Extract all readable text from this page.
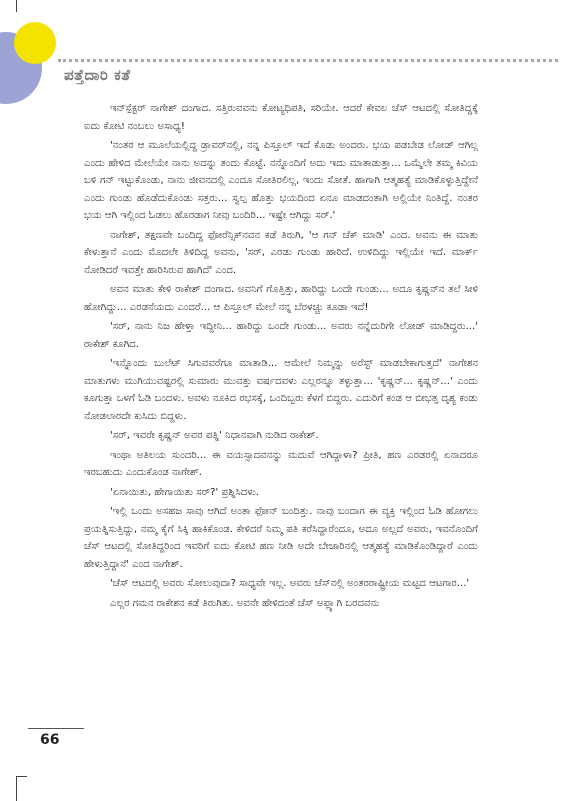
ಪತ್ತೆದಾರಿ ಕತೆ

ಇನ್‌ಸ್ಪೆಕ್ಟರ್ ನಾಗೇಶ್ ದಂಗಾದ. ಸತ್ತಿರುವವನು ಕೋಟ್ಯಧಿಪತಿ, ಸರಿಯೇ. ಆದರೆ ಕೇವಲ ಚೆಸ್ ಆಟದಲ್ಲಿ ಸೋತಿದ್ದಕ್ಕೆ ಐದು ಕೋಟಿ ನಂಬಲು ಅಸಾಧ್ಯ!

'ನಂತರ ಆ ಮೂಲೆಯಲ್ಲಿದ್ದ ಡ್ರಾವರ್‌ನಲ್ಲಿ, ನನ್ನ ಪಿಸ್ತೂಲ್ ಇದೆ ಕೊಡು ಅಂದರು. ಭಯ ಪಡಬೇಡ ಲೋಡ್ ಆಗಿಲ್ಲ ಎಂದು ಹೇಳಿದ ಮೇಲೆಯೇ ನಾನು ಅದನ್ನು ತಂದು ಕೊಟ್ಟೆ. ನನ್ನೊಂದಿಗೆ ಅದು ಇದು ಮಾತಾಡುತ್ತಾ... ಒಮ್ಮೆಲೇ ತಮ್ಮ ಕಿವಿಯ ಬಳಿ ಗನ್ ಇಟ್ಟುಕೊಂಡು, ನಾನು ಜೀವನದಲ್ಲಿ ಎಂದೂ ಸೋತಿರಲಿಲ್ಲ, ಇಂದು ಸೋತೆ. ಹಾಗಾಗಿ ಆತ್ಮಹತ್ಯೆ ಮಾಡಿಕೊಳ್ಳುತ್ತಿದ್ದೇನೆ ಎಂದು ಗುಂಡು ಹೊಡೆದುಕೊಂಡು ಸತ್ತರು... ಸ್ವಲ್ಪ ಹೊತ್ತು ಭಯದಿಂದ ಏನೂ ಮಾಡದಂತಾಗಿ ಅಲ್ಲಿಯೇ ನಿಂತಿದ್ದೆ. ನಂತರ ಭಯ ಆಗಿ ಇಲ್ಲಿಂದ ಓಡಲು ಹೊರಡಾಗ ನೀವು ಬಂದಿರಿ... ಇಷ್ಟೇ ಆಗಿದ್ದು ಸರ್.'

ನಾಗೇಶ್, ತಕ್ಷಣವೇ ಬಂದಿದ್ದ ಫೋರೆನ್ಸಿಕ್‌ನವನ ಕಡೆ ತಿರುಗಿ, 'ಆ ಗನ್ ಚೆಕ್ ಮಾಡಿ' ಎಂದ. ಅವನು ಈ ಮಾತು ಕೇಳುತ್ತಾನೆ ಎಂದು ಮೊದಲೇ ತಿಳಿದಿದ್ದ ಅವನು, 'ಸರ್, ಎರಡು ಗುಂಡು ಹಾರಿದೆ. ಉಳಿದಿದ್ದು ಇಲ್ಲಿಯೇ ಇದೆ. ಮಾರ್ಕ್ ನೋಡಿದರೆ ಇವತ್ತೇ ಹಾರಿಸಿರುವ ಹಾಗಿದೆ' ಎಂದ.

ಅವನ ಮಾತು ಕೇಳಿ ರಾಕೇಶ್ ದಂಗಾದ. ಅವನಿಗೆ ಗೊತ್ತಿತ್ತು, ಹಾರಿದ್ದು ಒಂದೇ ಗುಂಡು... ಅದೂ ಕೃಷ್ಣನ್‌ನ ತಲೆ ಸೀಳಿ ಹೋಗಿದ್ದು... ಎರಡನೆಯದು ಎಂದರೆ... ಆ ಪಿಸ್ತೂಲ್ ಮೇಲೆ ನನ್ನ ಬೆರಳಚ್ಚು ಕೂಡಾ ಇದೆ!

'ಸರ್, ನಾನು ನಿಜ ಹೇಳ್ತಾ ಇದ್ದೀನಿ... ಹಾರಿದ್ದು ಒಂದೇ ಗುಂಡು... ಅವರು ನನ್ನೆದುರಿಗೇ ಲೋಡ್ ಮಾಡಿದ್ದರು...' ರಾಕೇಶ್ ಕೂಗಿದ.

'ಇನ್ನೊಂದು ಬುಲೆಟ್ ಸಿಗುವವರೆಗೂ ಮಾತಾಡಿ... ಆಮೇಲೆ ನಿಮ್ಮನ್ನು ಅರೆಸ್ಟ್ ಮಾಡಬೇಕಾಗುತ್ತದೆ' ನಾಗೇಶನ ಮಾತುಗಳು ಮುಗಿಯುವಷ್ಟರಲ್ಲಿ ಸುಮಾರು ಮುವತ್ತು ವರ್ಷದವಳು ಎಲ್ಲರನ್ನೂ ತಳ್ಳುತ್ತಾ... 'ಕೃಷ್ಣನ್... ಕೃಷ್ಣನ್...' ಎಂದು ಕೂಗುತ್ತಾ ಒಳಗೆ ಓಡಿ ಬಂದಳು. ಅವಳು ನೂಕಿದ ರಭಸಕ್ಕೆ, ಒಂದಿಬ್ಬರು ಕೆಳಗೆ ಬಿದ್ದರು. ಎದುರಿಗೆ ಕಂಡ ಆ ಬೀಭತ್ಸ ದೃಶ್ಯ ಕಂಡು ನೋಡಲಾರದೇ ಕುಸಿದು ಬಿದ್ದಳು.

'ಸರ್, ಇವರೇ ಕೃಷ್ಣನ್ ಅವರ ಪತ್ನಿ' ನಿಧಾನವಾಗಿ ನುಡಿದ ರಾಕೇಶ್.

ಇಂಥಾ ಅತಿಲಯ ಸುಂದರಿ... ಈ ವಯಸ್ಸಾದವನನ್ನು ಮದುವೆ ಆಗಿದ್ದಾಳಾ? ಪ್ರೀತಿ, ಹಣ ಎರಡರಲ್ಲಿ ಏನಾದರೂ ಇರಬಹುದು ಎಂದುಕೊಂಡ ನಾಗೇಶ್.

'ಏನಾಯಿತು, ಹೇಗಾಯಿತು ಸರ್?' ಪ್ರಶ್ನಿಸಿದಳು.

'ಇಲ್ಲಿ ಒಂದು ಅಸಹಜ ಸಾವು ಆಗಿದೆ ಅಂತಾ ಫೋನ್ ಬಂದಿತ್ತು. ನಾವು ಬಂದಾಗ ಈ ವ್ಯಕ್ತಿ ಇಲ್ಲಿಂದ ಓಡಿ ಹೋಗಲು ಪ್ರಯತ್ನಿಸುತ್ತಿದ್ದು, ನಮ್ಮ ಕೈಗೆ ಸಿಕ್ಕಿ ಹಾಕಿಕೊಂಡ. ಕೇಳಿದರೆ ನಿಮ್ಮ ಪತಿ ಕರೆಸಿದ್ದಾರೆಂದೂ, ಅದೂ ಅಲ್ಲದೆ ಅವರು, ಇವನೊಂದಿಗೆ ಚೆಸ್ ಆಟದಲ್ಲಿ ಸೋತಿದ್ದರಿಂದ ಇವರಿಗೆ ಐದು ಕೋಟಿ ಹಣ ನೀಡಿ ಅದೇ ಬೇಜಾರಿನಲ್ಲಿ ಆತ್ಮಹತ್ಯೆ ಮಾಡಿಕೊಂಡಿದ್ದಾರೆ ಎಂದು ಹೇಳುತ್ತಿದ್ದಾನೆ' ಎಂದ ನಾಗೇಶ್.

'ಚೆಸ್ ಆಟದಲ್ಲಿ ಅವರು ಸೋಲುವುದಾ? ಸಾಧ್ಯವೇ ಇಲ್ಲ. ಅವರು ಚೆಸ್‌ನಲ್ಲಿ ಅಂತರರಾಷ್ಟ್ರೀಯ ಮಟ್ಟದ ಆಟಗಾರ...'

ಎಲ್ಲರ ಗಮನ ರಾಕೇಶನ ಕಡೆ ತಿರುಗಿತು. ಅವನೇ ಹೇಳಿದಂತೆ ಚೆಸ್ ಅಪ್ಲ್ಯಾಗಿ ಬರದವನು

66
